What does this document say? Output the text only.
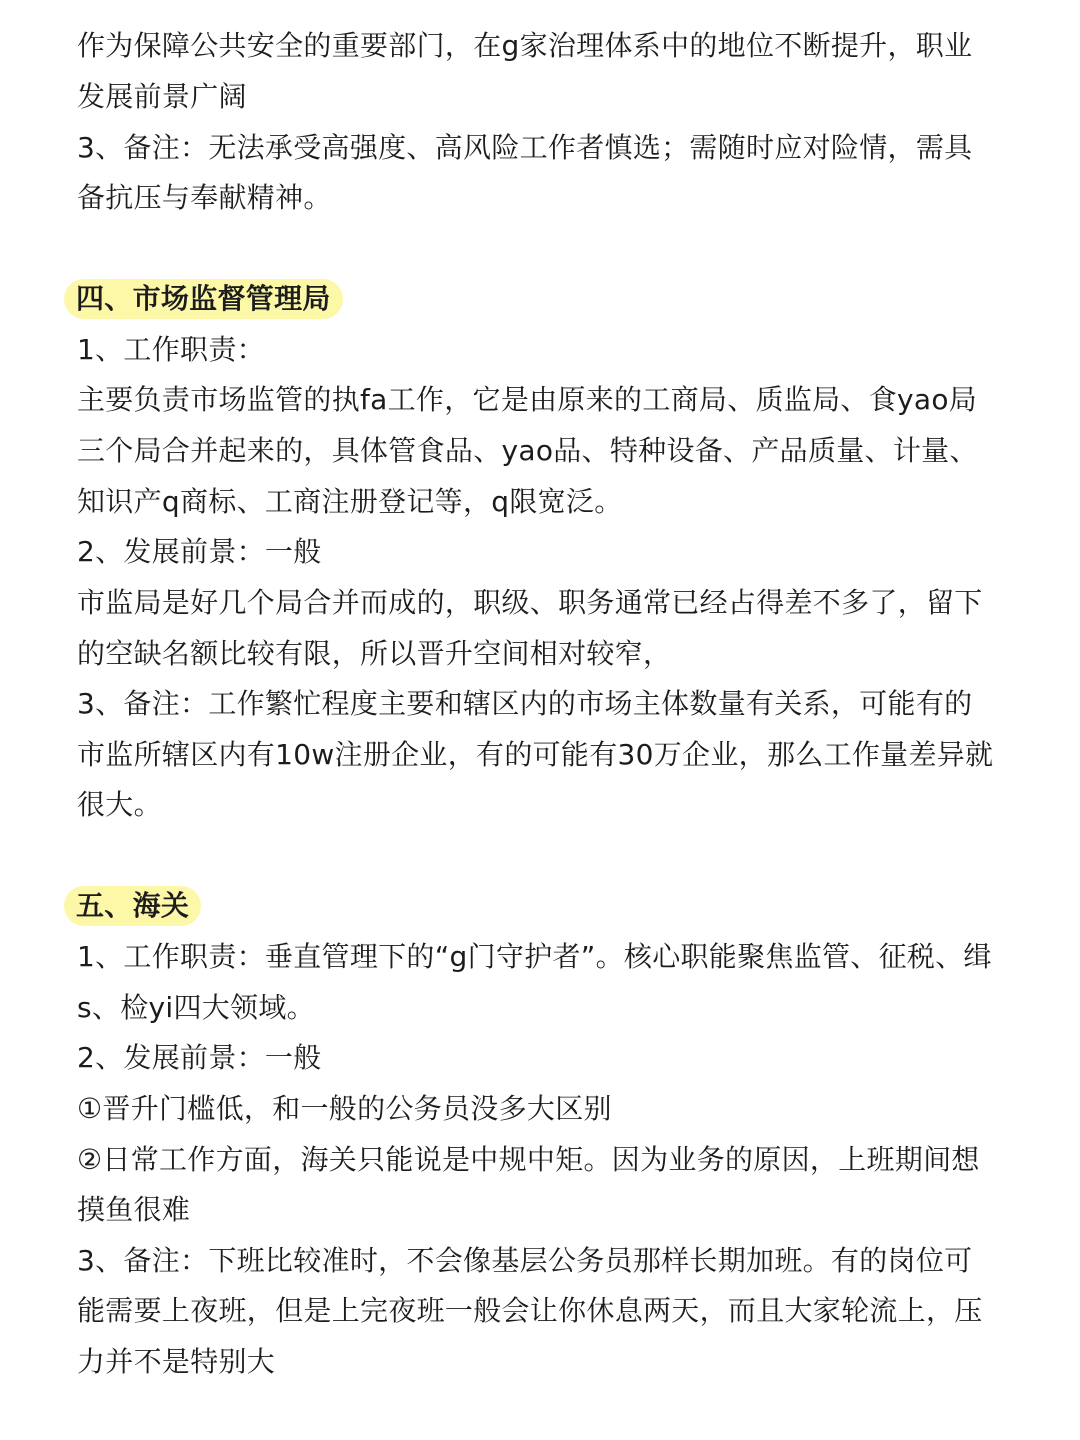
作为保障公共安全的重要部门，在g家治理体系中的地位不断提升，职业
发展前景广阔
3、备注：无法承受高强度、高风险工作者慎选；需随时应对险情，需具
备抗压与奉献精神。
四、市场监督管理局
1、工作职责：
主要负责市场监管的执fa工作，它是由原来的工商局、质监局、食yao局
三个局合并起来的，具体管食品、yao品、特种设备、产品质量、计量、
知识产q商标、工商注册登记等，q限宽泛。
2、发展前景：一般
市监局是好几个局合并而成的，职级、职务通常已经占得差不多了，留下
的空缺名额比较有限，所以晋升空间相对较窄，
3、备注：工作繁忙程度主要和辖区内的市场主体数量有关系，可能有的
市监所辖区内有10w注册企业，有的可能有30万企业，那么工作量差异就
很大。
五、海关
1、工作职责：垂直管理下的“g门守护者”。核心职能聚焦监管、征税、缉
s、检yi四大领域。
2、发展前景：一般
①晋升门槛低，和一般的公务员没多大区别
②日常工作方面，海关只能说是中规中矩。因为业务的原因，上班期间想
摸鱼很难
3、备注：下班比较准时，不会像基层公务员那样长期加班。有的岗位可
能需要上夜班，但是上完夜班一般会让你休息两天，而且大家轮流上，压
力并不是特别大
